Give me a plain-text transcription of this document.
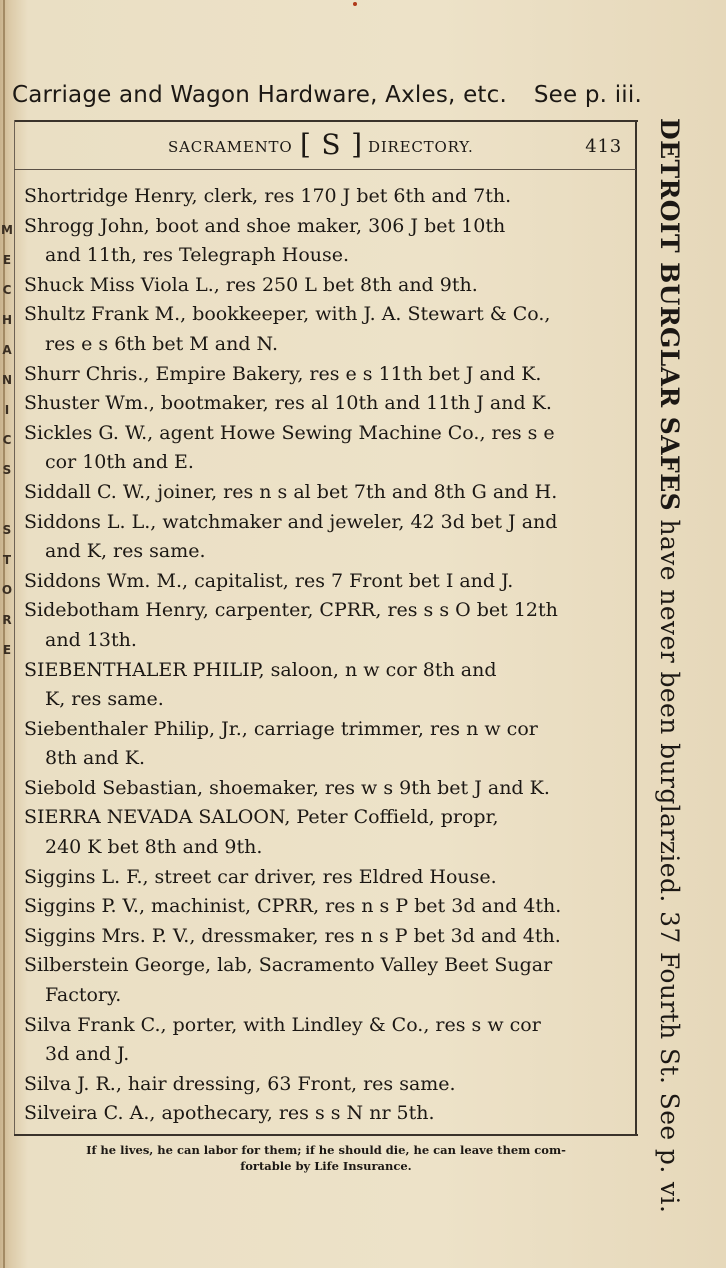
Carriage and Wagon Hardware, Axles, etc. See p. iii.
SACRAMENTO [ S ] DIRECTORY.	413
Shortridge Henry, clerk, res 170 J bet 6th and 7th.
Shrogg John, boot and shoe maker, 306 J bet 10th
and 11th, res Telegraph House.
Shuck Miss Viola L., res 250 L bet 8th and 9th.
Shultz Frank M., bookkeeper, with J. A. Stewart & Co.,
res e s 6th bet M and N.
Shurr Chris., Empire Bakery, res e s 11th bet J and K.
Shuster Wm., bootmaker, res al 10th and 11th J and K.
Sickles G. W., agent Howe Sewing Machine Co., res s e
cor 10th and E.
Siddall C. W., joiner, res n s al bet 7th and 8th G and H.
Siddons L. L., watchmaker and jeweler, 42 3d bet J and
and K, res same.
Siddons Wm. M., capitalist, res 7 Front bet I and J.
Sidebotham Henry, carpenter, CPRR, res s s O bet 12th
and 13th.
SIEBENTHALER PHILIP, saloon, n w cor 8th and
K, res same.
Siebenthaler Philip, Jr., carriage trimmer, res n w cor
8th and K.
Siebold Sebastian, shoemaker, res w s 9th bet J and K.
SIERRA NEVADA SALOON, Peter Coffield, propr,
240 K bet 8th and 9th.
Siggins L. F., street car driver, res Eldred House.
Siggins P. V., machinist, CPRR, res n s P bet 3d and 4th.
Siggins Mrs. P. V., dressmaker, res n s P bet 3d and 4th.
Silberstein George, lab, Sacramento Valley Beet Sugar
Factory.
Silva Frank C., porter, with Lindley & Co., res s w cor
3d and J.
Silva J. R., hair dressing, 63 Front, res same.
Silveira C. A., apothecary, res s s N nr 5th.
M
E
C
H
A
N
I
C
S

S
T
O
R
E

DETROIT BURGLAR SAFES have never been burglarzied. 37 Fourth St. See p. vi.
If he lives, he can labor for them; if he should die, he can leave them com-
fortable by Life Insurance.
